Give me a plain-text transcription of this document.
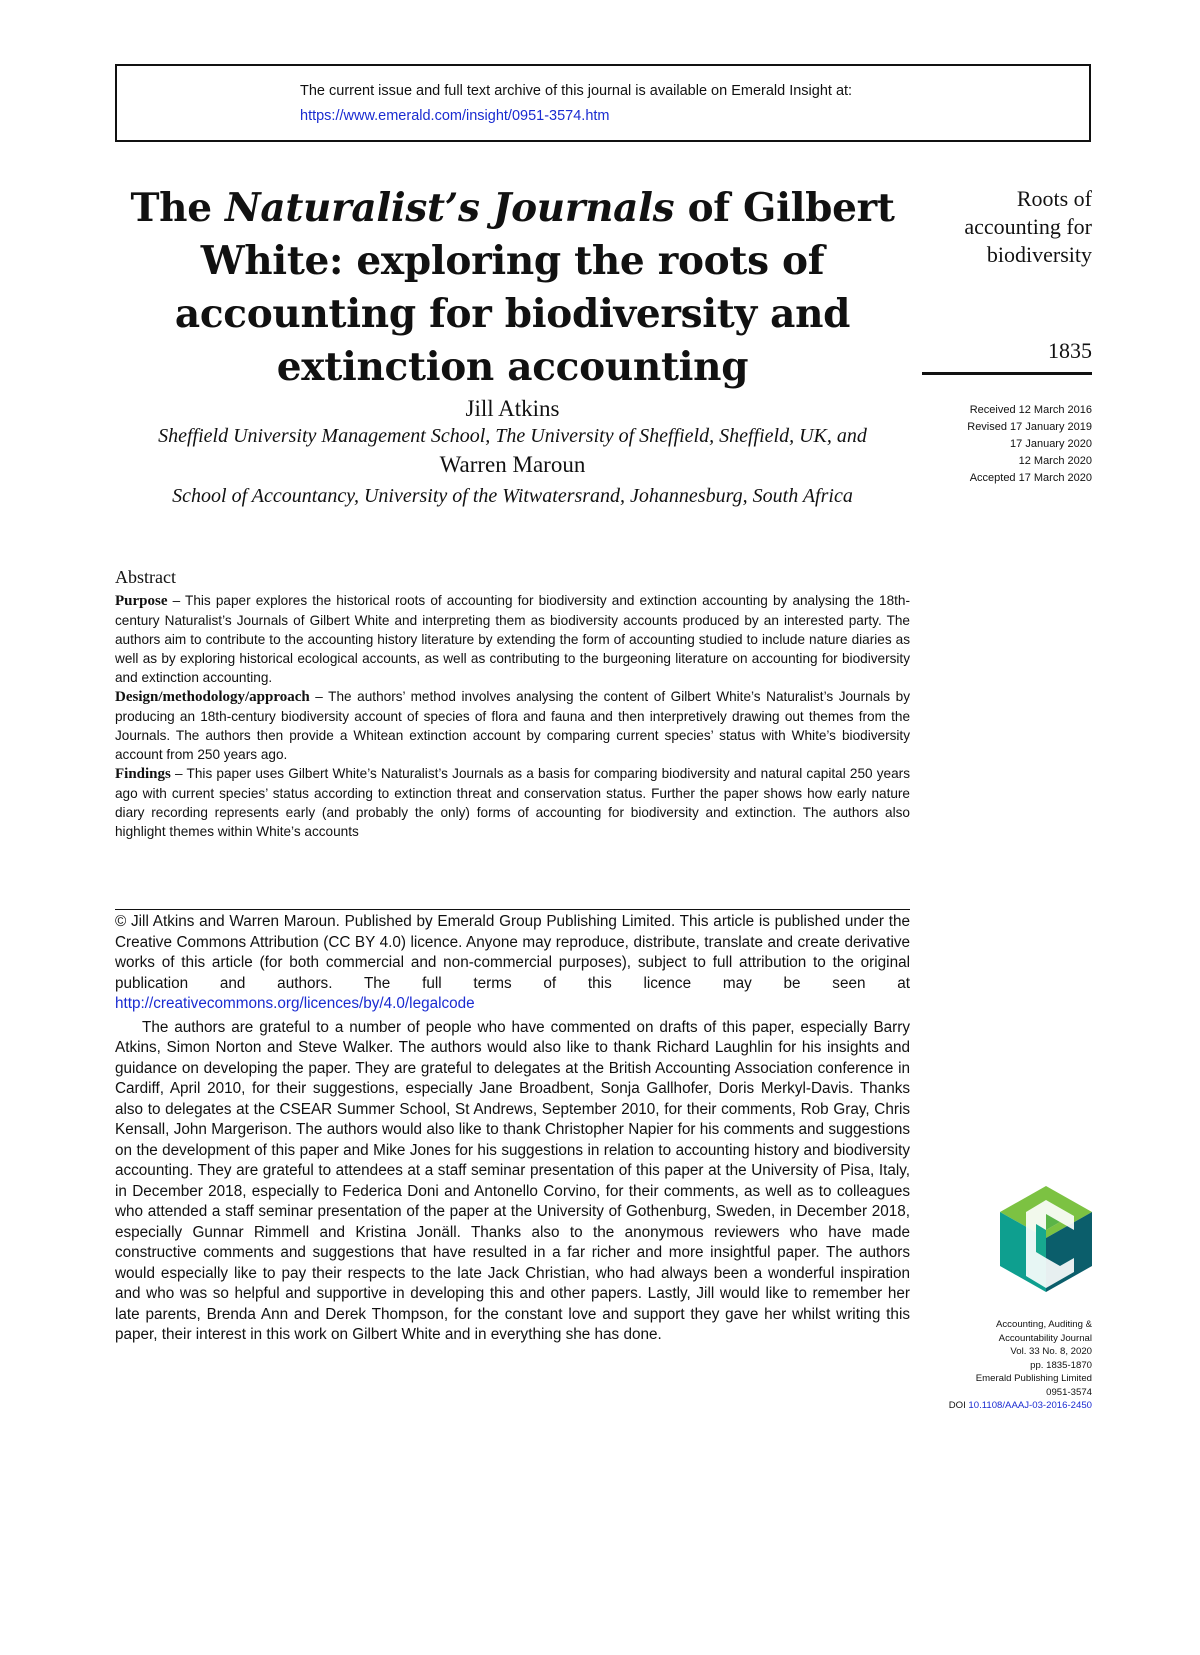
The current issue and full text archive of this journal is available on Emerald Insight at:
https://www.emerald.com/insight/0951-3574.htm
The Naturalist’s Journals of Gilbert White: exploring the roots of accounting for biodiversity and extinction accounting
Jill Atkins
Sheffield University Management School, The University of Sheffield, Sheffield, UK, and
Warren Maroun
School of Accountancy, University of the Witwatersrand, Johannesburg, South Africa
Roots of accounting for biodiversity
1835
Received 12 March 2016
Revised 17 January 2019
17 January 2020
12 March 2020
Accepted 17 March 2020
Abstract

Purpose – This paper explores the historical roots of accounting for biodiversity and extinction accounting by analysing the 18th-century Naturalist’s Journals of Gilbert White and interpreting them as biodiversity accounts produced by an interested party. The authors aim to contribute to the accounting history literature by extending the form of accounting studied to include nature diaries as well as by exploring historical ecological accounts, as well as contributing to the burgeoning literature on accounting for biodiversity and extinction accounting.

Design/methodology/approach – The authors’ method involves analysing the content of Gilbert White’s Naturalist’s Journals by producing an 18th-century biodiversity account of species of flora and fauna and then interpretively drawing out themes from the Journals. The authors then provide a Whitean extinction account by comparing current species’ status with White’s biodiversity account from 250 years ago.

Findings – This paper uses Gilbert White’s Naturalist’s Journals as a basis for comparing biodiversity and natural capital 250 years ago with current species’ status according to extinction threat and conservation status. Further the paper shows how early nature diary recording represents early (and probably the only) forms of accounting for biodiversity and extinction. The authors also highlight themes within White’s accounts

© Jill Atkins and Warren Maroun. Published by Emerald Group Publishing Limited. This article is published under the Creative Commons Attribution (CC BY 4.0) licence. Anyone may reproduce, distribute, translate and create derivative works of this article (for both commercial and non-commercial purposes), subject to full attribution to the original publication and authors. The full terms of this licence may be seen at http://creativecommons.org/licences/by/4.0/legalcode

The authors are grateful to a number of people who have commented on drafts of this paper, especially Barry Atkins, Simon Norton and Steve Walker. The authors would also like to thank Richard Laughlin for his insights and guidance on developing the paper. They are grateful to delegates at the British Accounting Association conference in Cardiff, April 2010, for their suggestions, especially Jane Broadbent, Sonja Gallhofer, Doris Merkyl-Davis. Thanks also to delegates at the CSEAR Summer School, St Andrews, September 2010, for their comments, Rob Gray, Chris Kensall, John Margerison. The authors would also like to thank Christopher Napier for his comments and suggestions on the development of this paper and Mike Jones for his suggestions in relation to accounting history and biodiversity accounting. They are grateful to attendees at a staff seminar presentation of this paper at the University of Pisa, Italy, in December 2018, especially to Federica Doni and Antonello Corvino, for their comments, as well as to colleagues who attended a staff seminar presentation of the paper at the University of Gothenburg, Sweden, in December 2018, especially Gunnar Rimmell and Kristina Jonäll. Thanks also to the anonymous reviewers who have made constructive comments and suggestions that have resulted in a far richer and more insightful paper. The authors would especially like to pay their respects to the late Jack Christian, who had always been a wonderful inspiration and who was so helpful and supportive in developing this and other papers. Lastly, Jill would like to remember her late parents, Brenda Ann and Derek Thompson, for the constant love and support they gave her whilst writing this paper, their interest in this work on Gilbert White and in everything she has done.

Accounting, Auditing &
Accountability Journal
Vol. 33 No. 8, 2020
pp. 1835-1870
Emerald Publishing Limited
0951-3574
DOI 10.1108/AAAJ-03-2016-2450
